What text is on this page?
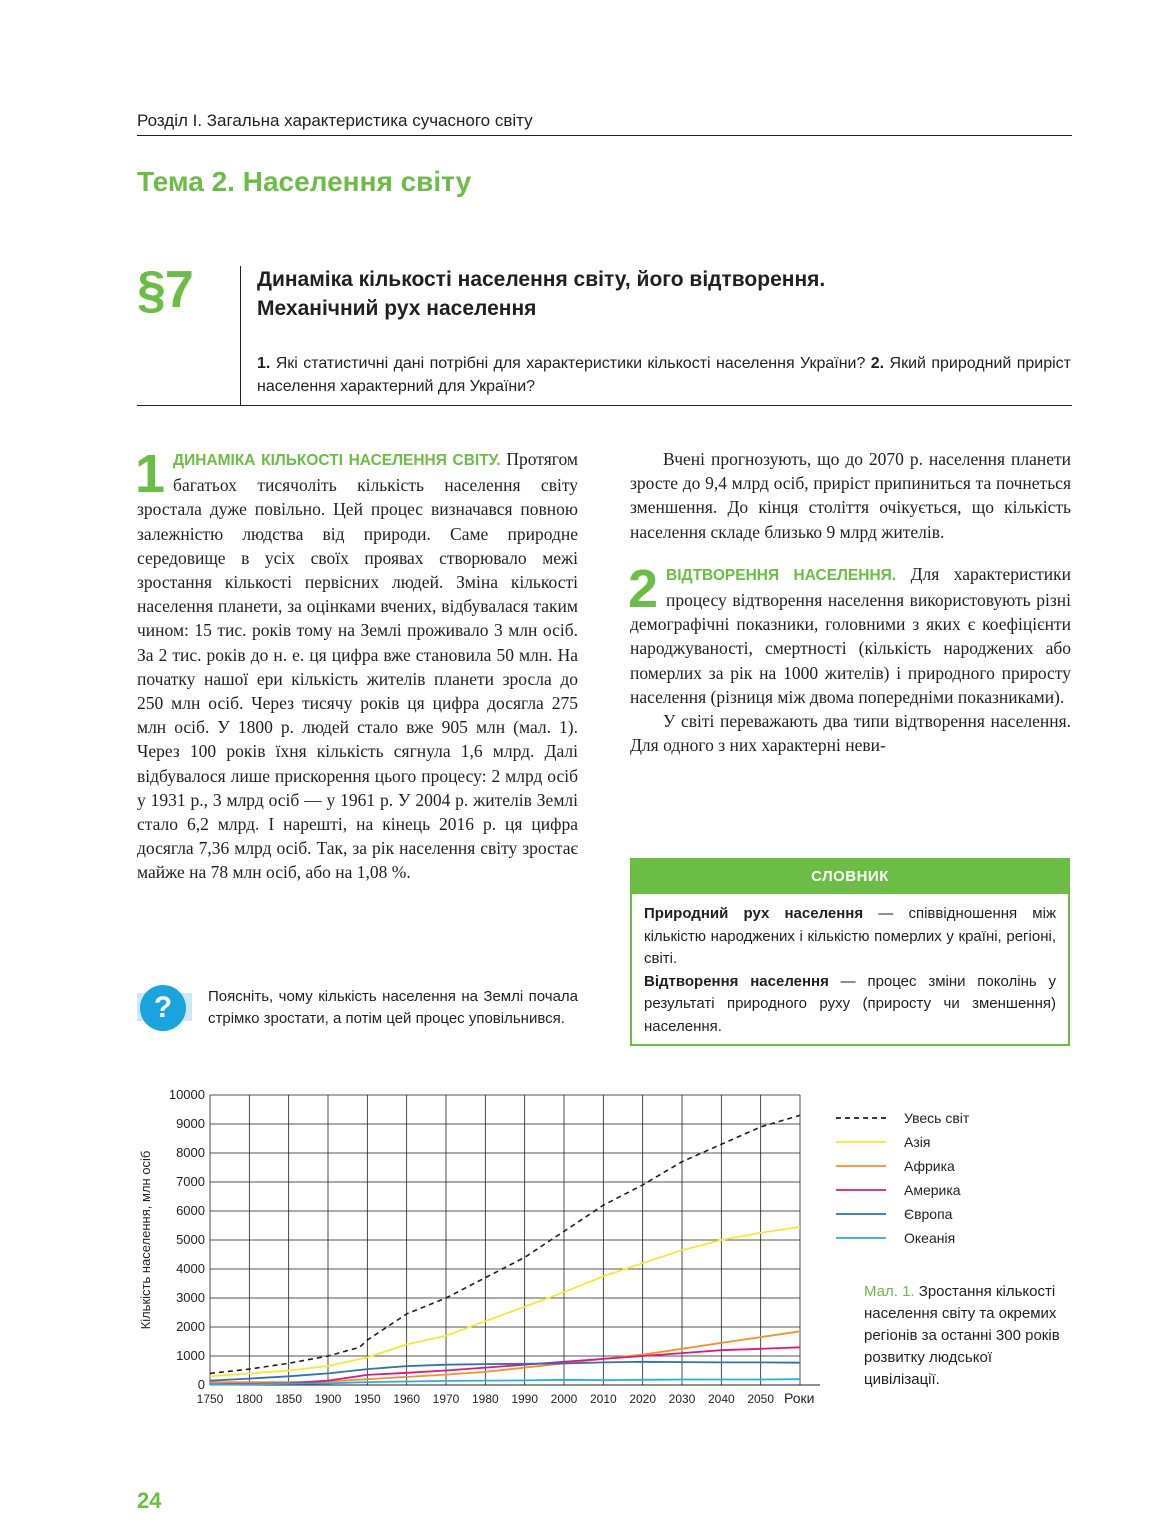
Розділ І. Загальна характеристика сучасного світу
Тема 2. Населення світу
§7	Динаміка кількості населення світу, його відтворення.
Механічний рух населення
1. Які статистичні дані потрібні для характеристики кількості населення України? 2. Який природний приріст населення характерний для України?

1 ДИНАМІКА КІЛЬКОСТІ НАСЕЛЕННЯ СВІТУ. Протягом багатьох тисячоліть кількість населення світу зростала дуже повільно. Цей процес визначався повною залежністю людства від природи. Саме природне середовище в усіх своїх проявах створювало межі зростання кількості первісних людей. Зміна кількості населення планети, за оцінками вчених, відбувалася таким чином: 15 тис. років тому на Землі проживало 3 млн осіб. За 2 тис. років до н. е. ця цифра вже становила 50 млн. На початку нашої ери кількість жителів планети зросла до 250 млн осіб. Через тисячу років ця цифра досягла 275 млн осіб. У 1800 р. людей стало вже 905 млн (мал. 1). Через 100 років їхня кількість сягнула 1,6 млрд. Далі відбувалося лише прискорення цього процесу: 2 млрд осіб у 1931 р., 3 млрд осіб — у 1961 р. У 2004 р. жителів Землі стало 6,2 млрд. І нарешті, на кінець 2016 р. ця цифра досягла 7,36 млрд осіб. Так, за рік населення світу зростає майже на 78 млн осіб, або на 1,08 %.

?	Поясніть, чому кількість населення на Землі почала стрімко зростати, а потім цей процес уповільнився.

Вчені прогнозують, що до 2070 р. населення планети зросте до 9,4 млрд осіб, приріст припиниться та почнеться зменшення. До кінця століття очікується, що кількість населення складе близько 9 млрд жителів.

2 ВІДТВОРЕННЯ НАСЕЛЕННЯ. Для характеристики процесу відтворення населення використовують різні демографічні показники, головними з яких є коефіцієнти народжуваності, смертності (кількість народжених або померлих за рік на 1000 жителів) і природного приросту населення (різниця між двома попередніми показниками).

У світі переважають два типи відтворення населення. Для одного з них характерні неви-

СЛОВНИК

Природний рух населення — співвідношення між кількістю народжених і кількістю померлих у країні, регіоні, світі.

Відтворення населення — процес зміни поколінь у результаті природного руху (приросту чи зменшення) населення.

0
1000
2000
3000
4000
5000
6000
7000
8000
9000
10000
1750 1800 1850 1900 1950 1960 1970 1980 1990 2000 2010 2020 2030 2040 2050 Роки
Кількість населення, млн осіб
Увесь світ
Азія
Африка
Америка
Європа
Океанія
Мал. 1. Зростання кількості населення світу та окремих регіонів за останні 300 років розвитку людської цивілізації.
24
